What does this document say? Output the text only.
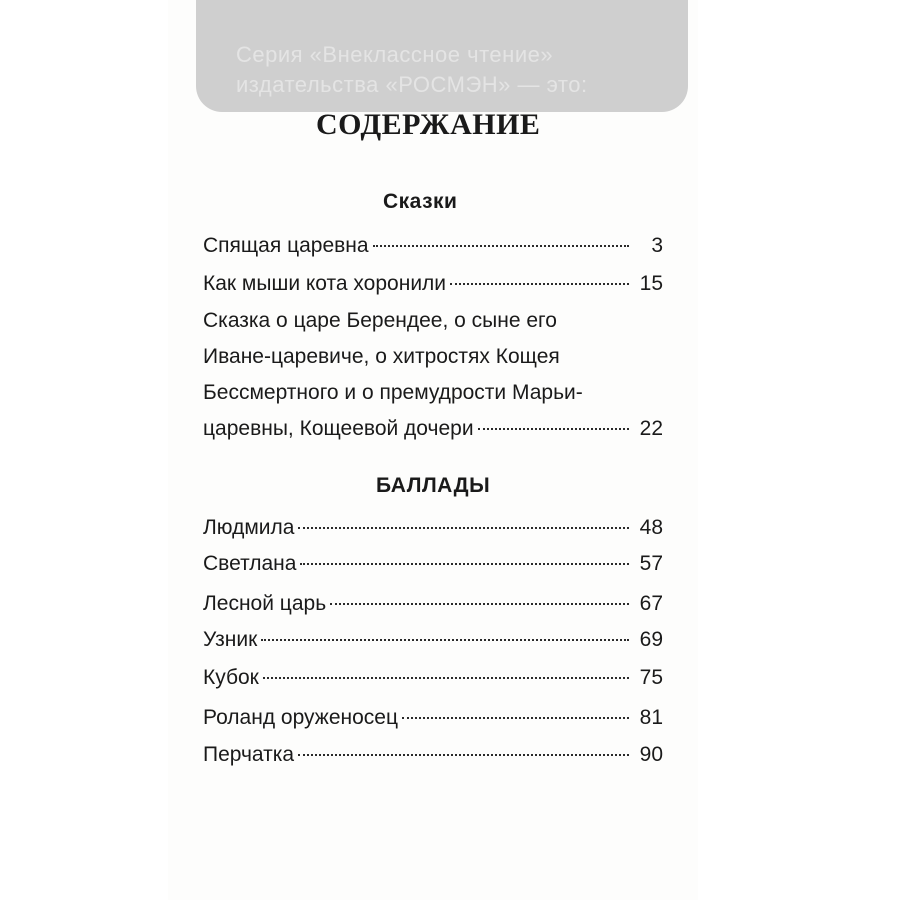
Серия «Внеклассное чтение»
издательства «РОСМЭН» — это:
СОДЕРЖАНИЕ
Сказки
Спящая царевна	3
Как мыши кота хоронили	15
Сказка о царе Берендее, о сыне его
Иване-царевиче, о хитростях Кощея
Бессмертного и о премудрости Марьи-
царевны, Кощеевой дочери	22
БАЛЛАДЫ
Людмила	48
Светлана	57
Лесной царь	67
Узник	69
Кубок	75
Роланд оруженосец	81
Перчатка	90
